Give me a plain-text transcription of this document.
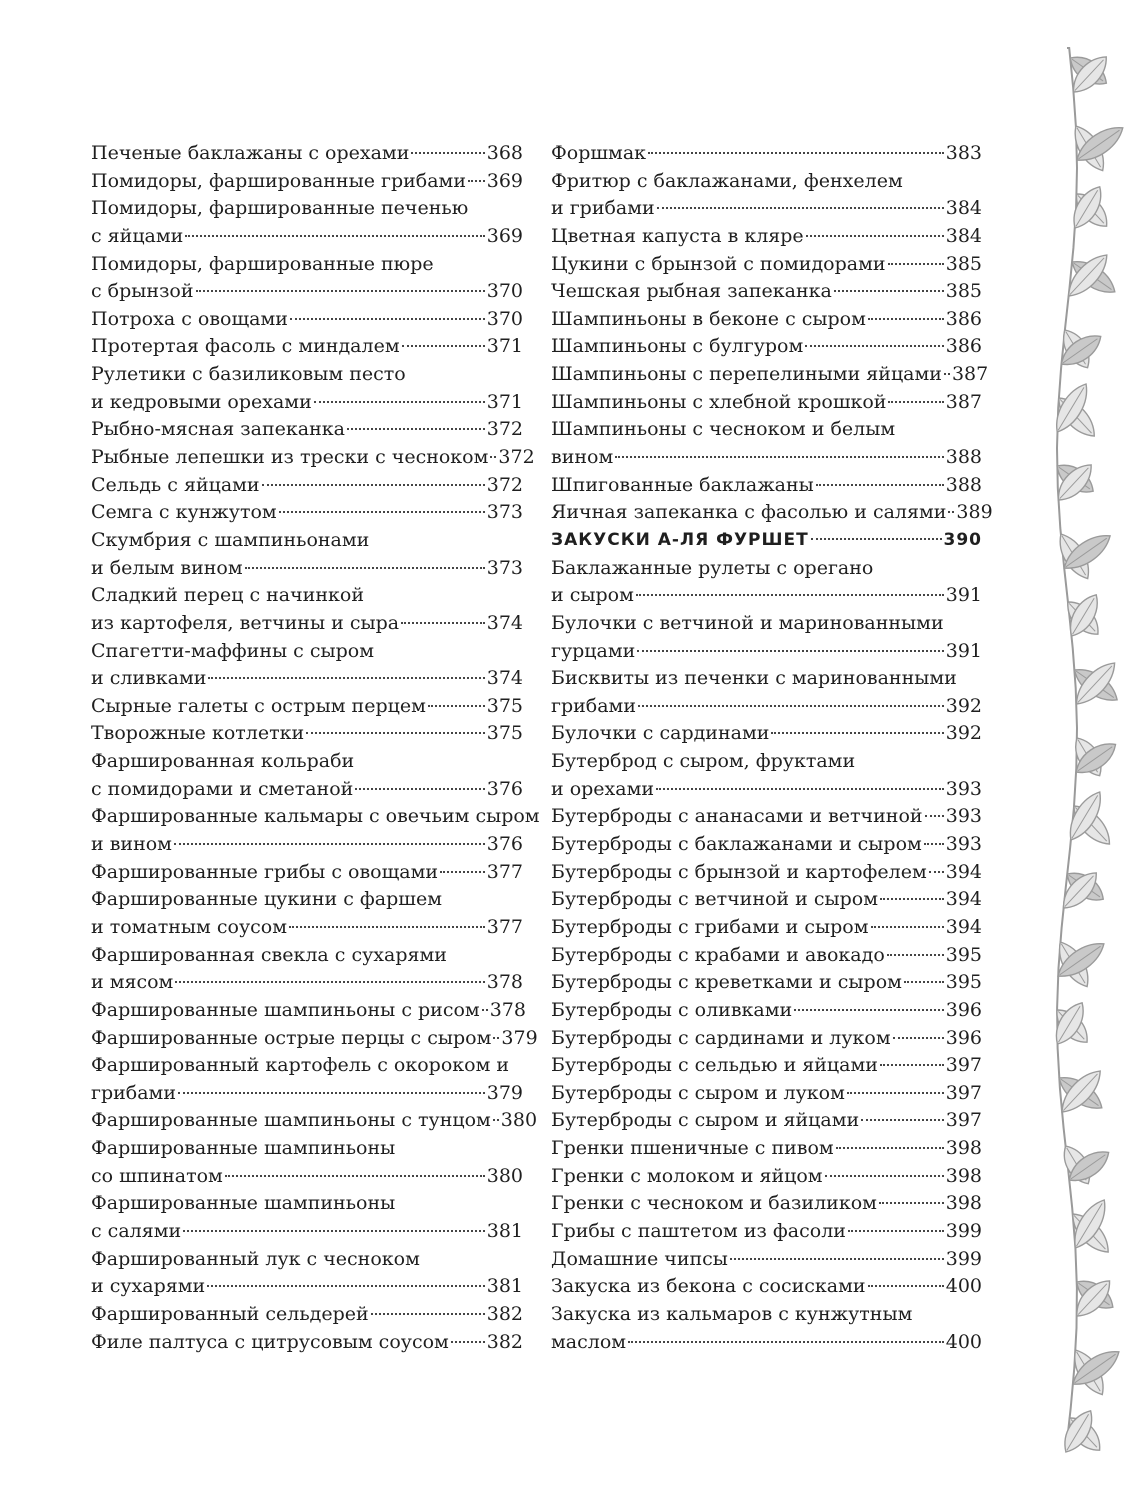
Печеные баклажаны с орехами	368
Помидоры, фаршированные грибами 369
Помидоры, фаршированные печенью
с яйцами	369
Помидоры, фаршированные пюре
с брынзой	370
Потроха с овощами	370
Протертая фасоль с миндалем	371
Рулетики с базиликовым песто
и кедровыми орехами	371
Рыбно-мясная запеканка	372
Рыбные лепешки из трески с чесноком 372
Сельдь с яйцами	372
Семга с кунжутом	373
Скумбрия с шампиньонами
и белым вином	373
Сладкий перец с начинкой
из картофеля, ветчины и сыра	374
Спагетти-маффины с сыром
и сливками	374
Сырные галеты с острым перцем	375
Творожные котлетки	375
Фаршированная кольраби
с помидорами и сметаной	376
Фаршированные кальмары с овечьим сыром
и вином	376
Фаршированные грибы с овощами	377
Фаршированные цукини с фаршем
и томатным соусом	377
Фаршированная свекла с сухарями
и мясом	378
Фаршированные шампиньоны с рисом 378
Фаршированные острые перцы с сыром 379
Фаршированный картофель с окороком и
грибами	379
Фаршированные шампиньоны с тунцом 380
Фаршированные шампиньоны
со шпинатом	380
Фаршированные шампиньоны
с салями	381
Фаршированный лук с чесноком
и сухарями	381
Фаршированный сельдерей	382
Филе палтуса с цитрусовым соусом 382
Форшмак	383
Фритюр с баклажанами, фенхелем
и грибами	384
Цветная капуста в кляре	384
Цукини с брынзой с помидорами	385
Чешская рыбная запеканка	385
Шампиньоны в беконе с сыром	386
Шампиньоны с булгуром	386
Шампиньоны с перепелиными яйцами 387
Шампиньоны с хлебной крошкой	387
Шампиньоны с чесноком и белым
вином	388
Шпигованные баклажаны	388
Яичная запеканка с фасолью и салями 389
ЗАКУСКИ А-ЛЯ ФУРШЕТ	390
Баклажанные рулеты с орегано
и сыром	391
Булочки с ветчиной и маринованными
гурцами	391
Бисквиты из печенки с маринованными
грибами	392
Булочки с сардинами	392
Бутерброд с сыром, фруктами
и орехами	393
Бутерброды с ананасами и ветчиной 393
Бутерброды с баклажанами и сыром 393
Бутерброды с брынзой и картофелем 394
Бутерброды с ветчиной и сыром	394
Бутерброды с грибами и сыром	394
Бутерброды с крабами и авокадо	395
Бутерброды с креветками и сыром 395
Бутерброды с оливками	396
Бутерброды с сардинами и луком	396
Бутерброды с сельдью и яйцами	397
Бутерброды с сыром и луком	397
Бутерброды с сыром и яйцами	397
Гренки пшеничные с пивом	398
Гренки с молоком и яйцом	398
Гренки с чесноком и базиликом	398
Грибы с паштетом из фасоли	399
Домашние чипсы	399
Закуска из бекона с сосисками	400
Закуска из кальмаров с кунжутным
маслом	400
